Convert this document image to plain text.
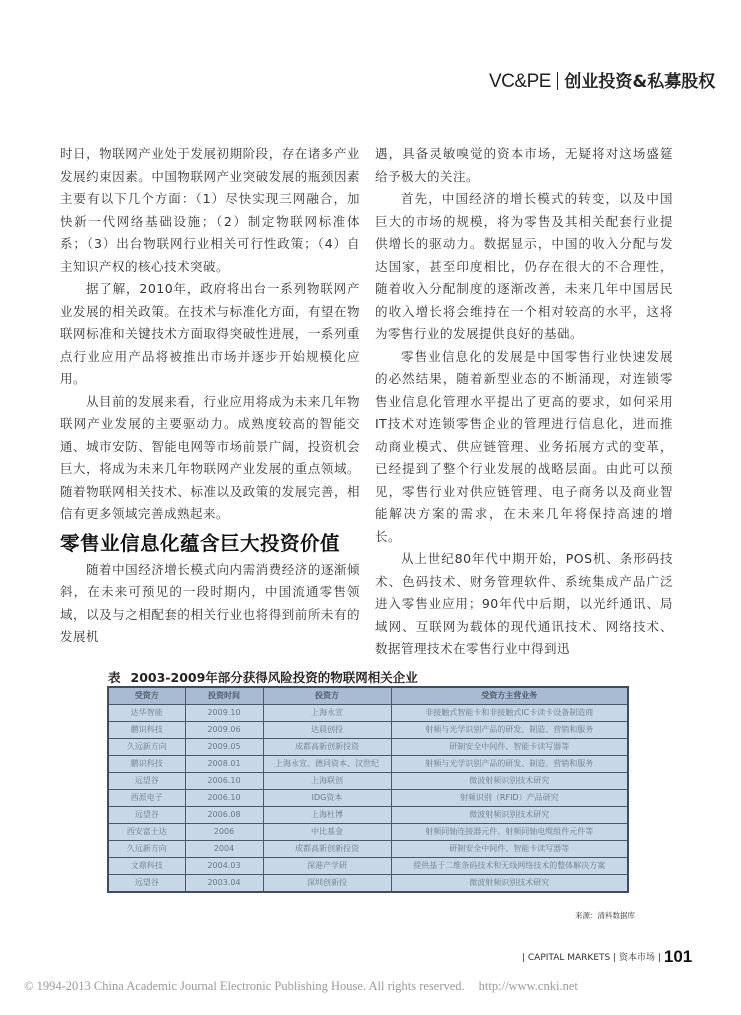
VC&PE 创业投资&私募股权

时日，物联网产业处于发展初期阶段，存在诸多产业发展约束因素。中国物联网产业突破发展的瓶颈因素主要有以下几个方面：（1）尽快实现三网融合，加快新一代网络基础设施；（2）制定物联网标准体系；（3）出台物联网行业相关可行性政策；（4）自主知识产权的核心技术突破。

据了解，2010年，政府将出台一系列物联网产业发展的相关政策。在技术与标准化方面，有望在物联网标准和关键技术方面取得突破性进展，一系列重点行业应用产品将被推出市场并逐步开始规模化应用。

从目前的发展来看，行业应用将成为未来几年物联网产业发展的主要驱动力。成熟度较高的智能交通、城市安防、智能电网等市场前景广阔，投资机会巨大，将成为未来几年物联网产业发展的重点领域。随着物联网相关技术、标准以及政策的发展完善，相信有更多领域完善成熟起来。

零售业信息化蕴含巨大投资价值

随着中国经济增长模式向内需消费经济的逐渐倾斜，在未来可预见的一段时期内，中国流通零售领域，以及与之相配套的相关行业也将得到前所未有的发展机

遇，具备灵敏嗅觉的资本市场，无疑将对这场盛筵给予极大的关注。

首先，中国经济的增长模式的转变，以及中国巨大的市场的规模，将为零售及其相关配套行业提供增长的驱动力。数据显示，中国的收入分配与发达国家，甚至印度相比，仍存在很大的不合理性，随着收入分配制度的逐渐改善，未来几年中国居民的收入增长将会维持在一个相对较高的水平，这将为零售行业的发展提供良好的基础。

零售业信息化的发展是中国零售行业快速发展的必然结果，随着新型业态的不断涌现，对连锁零售业信息化管理水平提出了更高的要求，如何采用IT技术对连锁零售企业的管理进行信息化，进而推动商业模式、供应链管理、业务拓展方式的变革，已经提到了整个行业发展的战略层面。由此可以预见，零售行业对供应链管理、电子商务以及商业智能解决方案的需求，在未来几年将保持高速的增长。

从上世纪80年代中期开始，POS机、条形码技术、色码技术、财务管理软件、系统集成产品广泛进入零售业应用；90年代中后期，以光纤通讯、局域网、互联网为载体的现代通讯技术、网络技术、数据管理技术在零售行业中得到迅

表 2003-2009年部分获得风险投资的物联网相关企业
受资方	投资时间	投资方	受资方主营业务
达华智能	2009.10	上海永宣	非接触式智能卡和非接触式IC卡读卡设备制造商
鹏识科技	2009.06	达晨创投	射频与光学识别产品的研发、制造、营销和服务
久远新方向	2009.05	成都高新创新投资	研制安全中间件、智能卡读写器等
鹏识科技	2008.01	上海永宣、德同资本、汉世纪	射频与光学识别产品的研发、制造、营销和服务
远望谷	2006.10	上海联创	微波射频识别技术研究
西派电子	2006.10	IDG资本	射频识别（RFID）产品研究
远望谷	2006.08	上海杜博	微波射频识别技术研究
西安富士达	2006	中比基金	射频同轴连接器元件、射频同轴电缆组件元件等
久远新方向	2004	成都高新创新投资	研制安全中间件、智能卡读写器等
文鼎科技	2004.03	深港产学研	提供基于二维条码技术和无线网络技术的整体解决方案
远望谷	2003.04	深圳创新投	微波射频识别技术研究
来源：清科数据库
| CAPITAL MARKETS | 资本市场 | 101
© 1994-2013 China Academic Journal Electronic Publishing House. All rights reserved. http://www.cnki.net
